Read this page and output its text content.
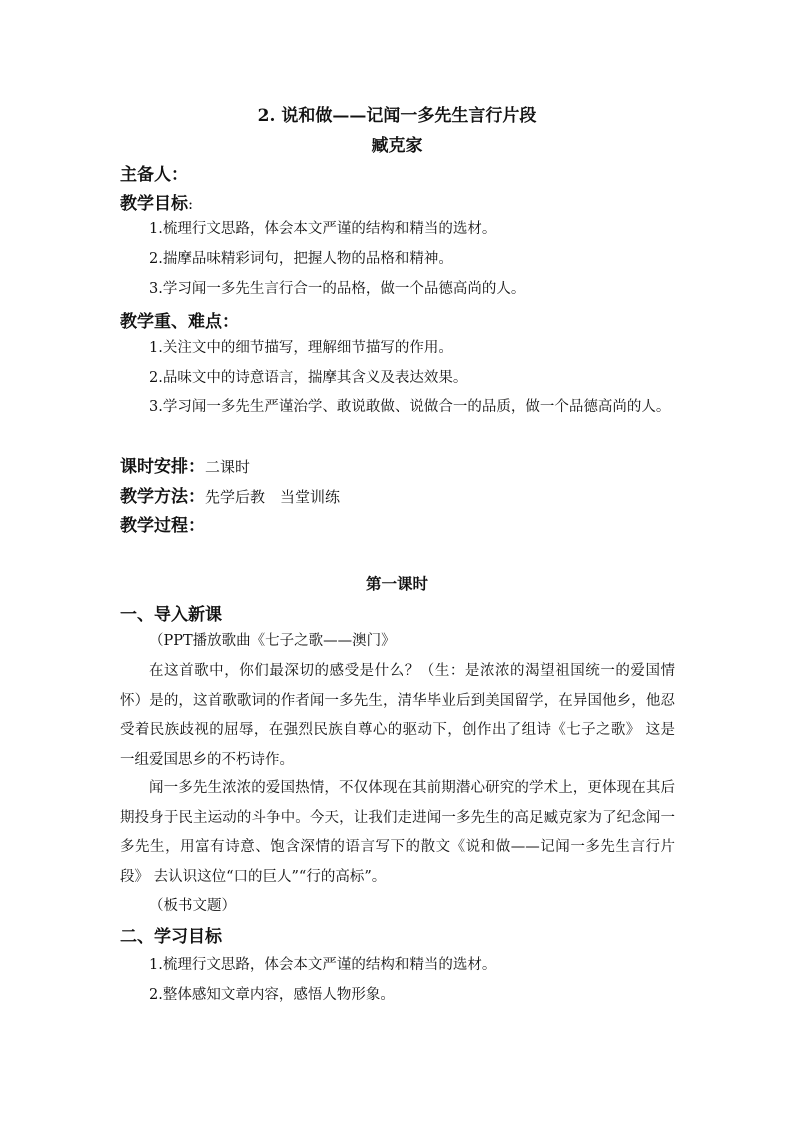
2. 说和做——记闻一多先生言行片段
臧克家
主备人：
教学目标:
1.梳理行文思路，体会本文严谨的结构和精当的选材。
2.揣摩品味精彩词句，把握人物的品格和精神。
3.学习闻一多先生言行合一的品格，做一个品德高尚的人。
教学重、难点：
1.关注文中的细节描写，理解细节描写的作用。
2.品味文中的诗意语言，揣摩其含义及表达效果。
3.学习闻一多先生严谨治学、敢说敢做、说做合一的品质，做一个品德高尚的人。
课时安排：二课时
教学方法：先学后教　当堂训练
教学过程：
第一课时
一、导入新课
（PPT播放歌曲《七子之歌——澳门》
在这首歌中，你们最深切的感受是什么？（生：是浓浓的渴望祖国统一的爱国情怀）是的，这首歌歌词的作者闻一多先生，清华毕业后到美国留学，在异国他乡，他忍受着民族歧视的屈辱，在强烈民族自尊心的驱动下，创作出了组诗《七子之歌》 这是一组爱国思乡的不朽诗作。
闻一多先生浓浓的爱国热情，不仅体现在其前期潜心研究的学术上，更体现在其后期投身于民主运动的斗争中。今天，让我们走进闻一多先生的高足臧克家为了纪念闻一多先生，用富有诗意、饱含深情的语言写下的散文《说和做——记闻一多先生言行片段》 去认识这位“口的巨人”“行的高标”。
（板书文题）
二、学习目标
1.梳理行文思路，体会本文严谨的结构和精当的选材。
2.整体感知文章内容，感悟人物形象。
